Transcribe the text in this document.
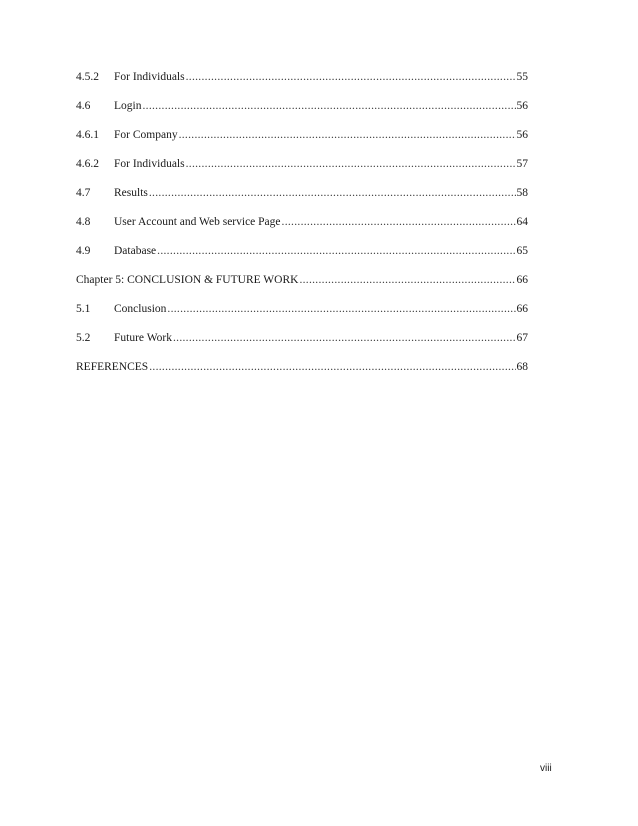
4.5.2	For Individuals .....	55
4.6	Login .....	56
4.6.1	For Company .....	56
4.6.2	For Individuals .....	57
4.7	Results .....	58
4.8	User Account and Web service Page .....	64
4.9	Database .....	65
Chapter 5: CONCLUSION & FUTURE WORK .....	66
5.1	Conclusion .....	66
5.2	Future Work .....	67
REFERENCES .....	68
viii
